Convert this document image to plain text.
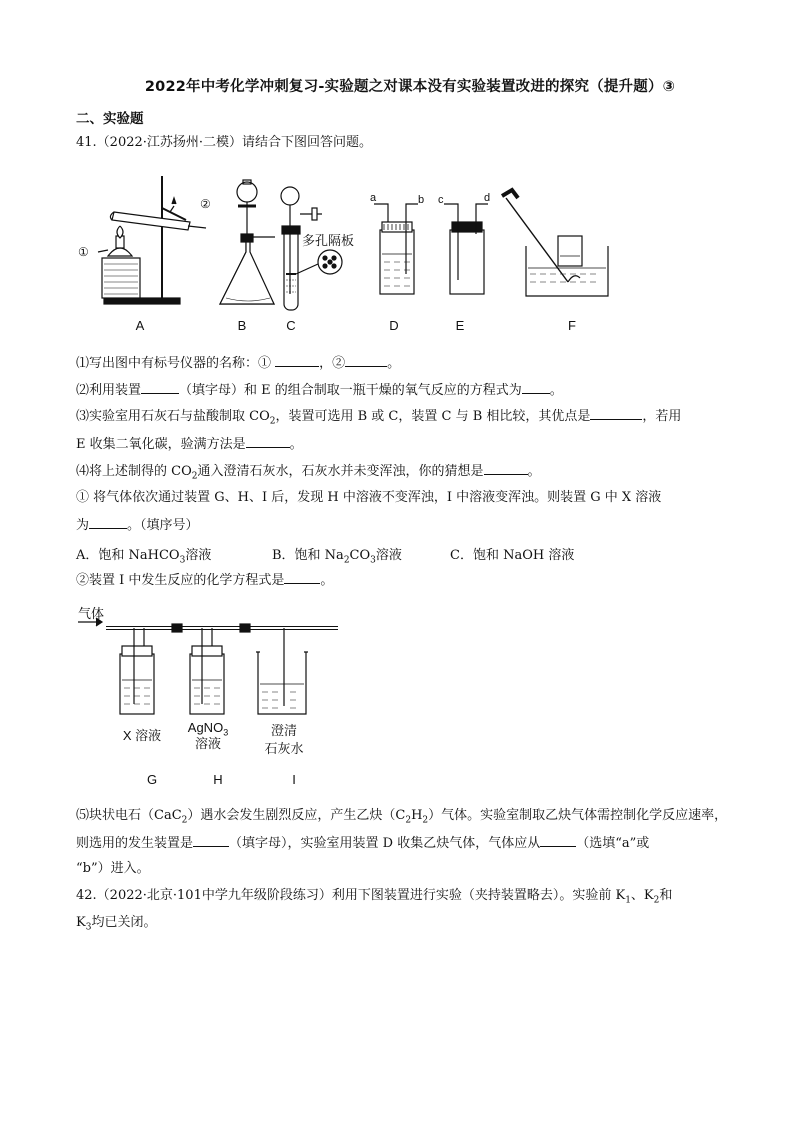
2022年中考化学冲刺复习-实验题之对课本没有实验装置改进的探究（提升题）③
二、实验题
41.（2022·江苏扬州·二模）请结合下图回答问题。
①
②
多孔隔板
a	b c	d
A	B	C	D	E	F
⑴写出图中有标号仪器的名称：①	，②	。
⑵利用装置	（填字母）和 E 的组合制取一瓶干燥的氧气反应的方程式为 。
⑶实验室用石灰石与盐酸制取 $CO_2$，装置可选用 B 或 C，装置 C 与 B 相比较，其优点是	，若用
E 收集二氧化碳，验满方法是	。
⑷将上述制得的 $CO_2$通入澄清石灰水，石灰水并未变浑浊，你的猜想是	。
① 将气体依次通过装置 G、H、I 后，发现 H 中溶液不变浑浊，I 中溶液变浑浊。则装置 G 中 X 溶液
为	。（填序号）
A．饱和 NaHCO$_3$溶液	B．饱和 $Na_2CO_3$溶液	C．饱和 NaOH 溶液
②装置 I 中发生反应的化学方程式是	。
气体
X 溶液
AgNO$_3$
溶液
澄清
石灰水
G	H	I
⑸块状电石（CaC$_2$）遇水会发生剧烈反应，产生乙炔$(C_2H_2)$气体。实验室制取乙炔气体需控制化学反应速率，
则选用的发生装置是	（填字母），实验室用装置 D 收集乙炔气体，气体应从	（选填“a”或
“b”）进入。
42.（2022·北京·101中学九年级阶段练习）利用下图装置进行实验（夹持装置略去）。实验前 $K_1$、$K_2$和
$K_3$均已关闭。
